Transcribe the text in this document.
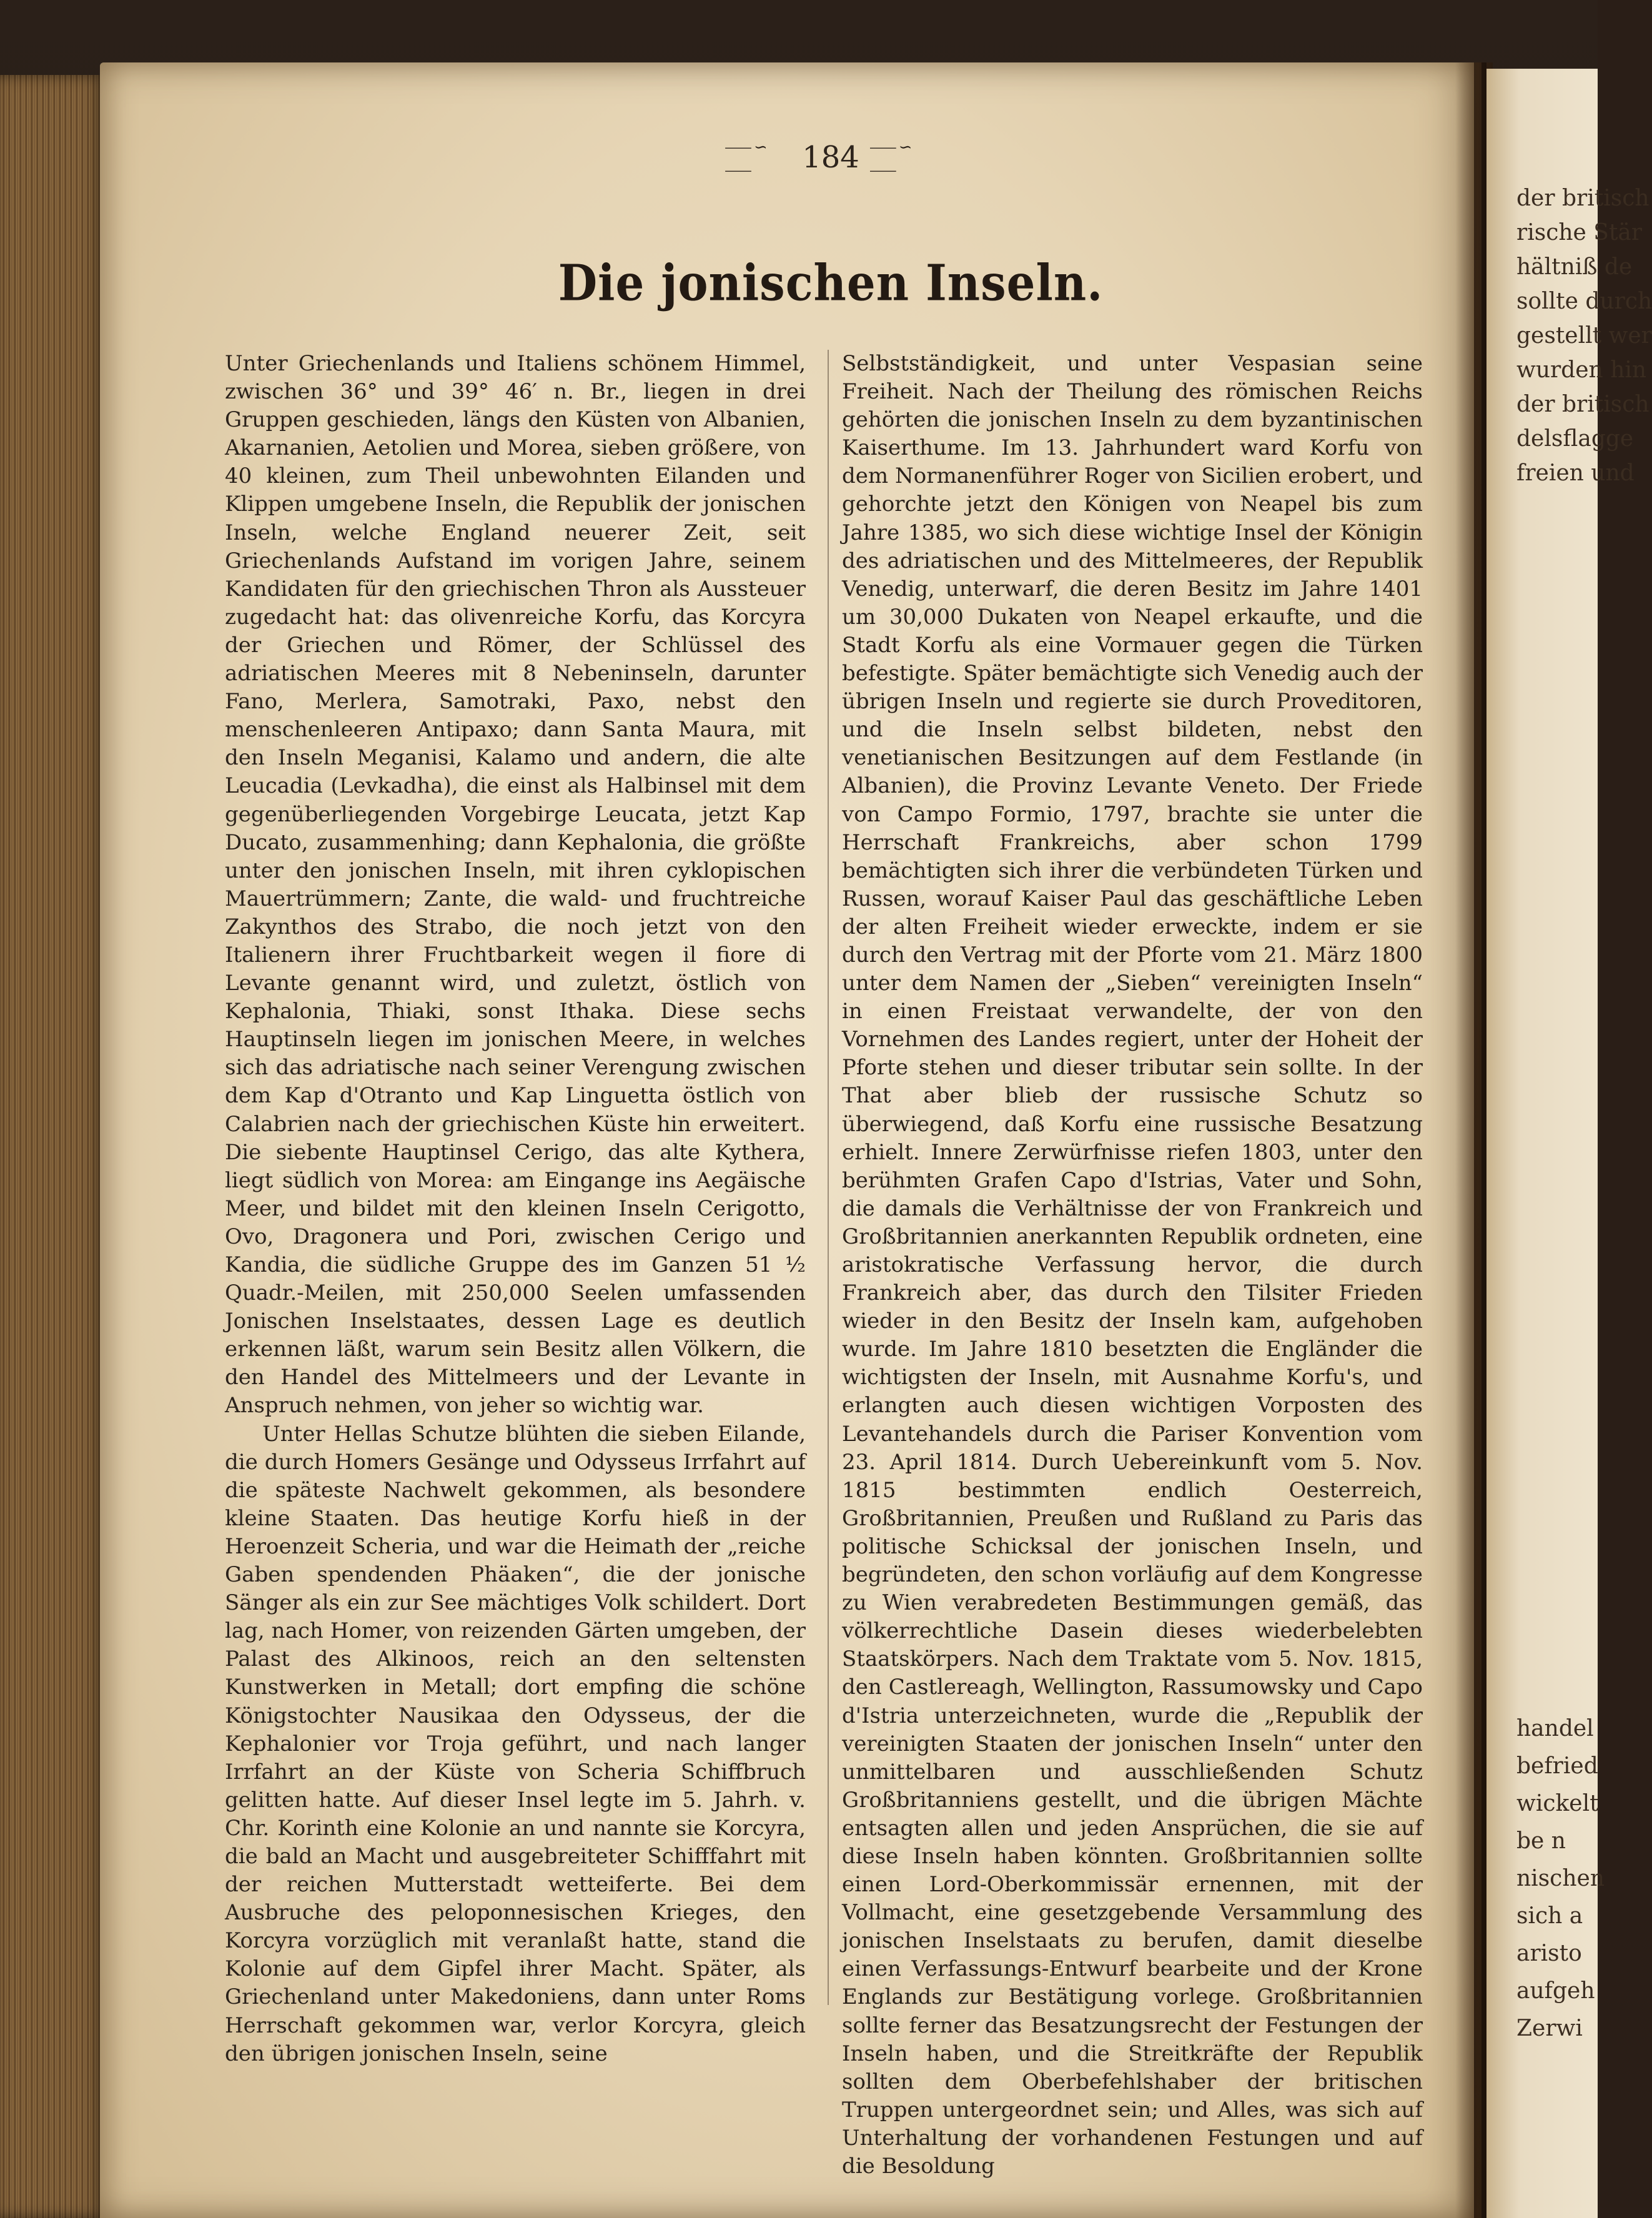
der britisch
rische Stär
hältniß de
sollte durch
gestellt wer
wurden hin
der britisch
delsflagge
freien und
handel
befried
wickelt
be n
nischen
sich a
aristo
aufgeh
Zerwi
⸺∽⸺	184 ⸺∽⸺
Die jonischen Inseln.

Unter Griechenlands und Italiens schönem Himmel, zwischen 36° und 39° 46′ n. Br., liegen in drei Gruppen geschieden, längs den Küsten von Albanien, Akarnanien, Aetolien und Morea, sieben größere, von 40 kleinen, zum Theil unbewohnten Eilanden und Klippen umgebene Inseln, die Republik der jonischen Inseln, welche England neuerer Zeit, seit Griechenlands Aufstand im vorigen Jahre, seinem Kandidaten für den griechischen Thron als Aussteuer zugedacht hat: das olivenreiche Korfu, das Korcyra der Griechen und Römer, der Schlüssel des adriatischen Meeres mit 8 Nebeninseln, darunter Fano, Merlera, Samotraki, Paxo, nebst den menschenleeren Antipaxo; dann Santa Maura, mit den Inseln Meganisi, Kalamo und andern, die alte Leucadia (Levkadha), die einst als Halbinsel mit dem gegenüberliegenden Vorgebirge Leucata, jetzt Kap Ducato, zusammenhing; dann Kephalonia, die größte unter den jonischen Inseln, mit ihren cyklopischen Mauertrümmern; Zante, die wald- und fruchtreiche Zakynthos des Strabo, die noch jetzt von den Italienern ihrer Fruchtbarkeit wegen il fiore di Levante genannt wird, und zuletzt, östlich von Kephalonia, Thiaki, sonst Ithaka. Diese sechs Hauptinseln liegen im jonischen Meere, in welches sich das adriatische nach seiner Verengung zwischen dem Kap d'Otranto und Kap Linguetta östlich von Calabrien nach der griechischen Küste hin erweitert. Die siebente Hauptinsel Cerigo, das alte Kythera, liegt südlich von Morea: am Eingange ins Aegäische Meer, und bildet mit den kleinen Inseln Cerigotto, Ovo, Dragonera und Pori, zwischen Cerigo und Kandia, die südliche Gruppe des im Ganzen 51 ½ Quadr.-Meilen, mit 250,000 Seelen umfassenden Jonischen Inselstaates, dessen Lage es deutlich erkennen läßt, warum sein Besitz allen Völkern, die den Handel des Mittelmeers und der Levante in Anspruch nehmen, von jeher so wichtig war.

Unter Hellas Schutze blühten die sieben Eilande, die durch Homers Gesänge und Odysseus Irrfahrt auf die späteste Nachwelt gekommen, als besondere kleine Staaten. Das heutige Korfu hieß in der Heroenzeit Scheria, und war die Heimath der „reiche Gaben spendenden Phäaken“, die der jonische Sänger als ein zur See mächtiges Volk schildert. Dort lag, nach Homer, von reizenden Gärten umgeben, der Palast des Alkinoos, reich an den seltensten Kunstwerken in Metall; dort empfing die schöne Königstochter Nausikaa den Odysseus, der die Kephalonier vor Troja geführt, und nach langer Irrfahrt an der Küste von Scheria Schiffbruch gelitten hatte. Auf dieser Insel legte im 5. Jahrh. v. Chr. Korinth eine Kolonie an und nannte sie Korcyra, die bald an Macht und ausgebreiteter Schifffahrt mit der reichen Mutterstadt wetteiferte. Bei dem Ausbruche des peloponnesischen Krieges, den Korcyra vorzüglich mit veranlaßt hatte, stand die Kolonie auf dem Gipfel ihrer Macht. Später, als Griechenland unter Makedoniens, dann unter Roms Herrschaft gekommen war, verlor Korcyra, gleich den übrigen jonischen Inseln, seine

Selbstständigkeit, und unter Vespasian seine Freiheit. Nach der Theilung des römischen Reichs gehörten die jonischen Inseln zu dem byzantinischen Kaiserthume. Im 13. Jahrhundert ward Korfu von dem Normanenführer Roger von Sicilien erobert, und gehorchte jetzt den Königen von Neapel bis zum Jahre 1385, wo sich diese wichtige Insel der Königin des adriatischen und des Mittelmeeres, der Republik Venedig, unterwarf, die deren Besitz im Jahre 1401 um 30,000 Dukaten von Neapel erkaufte, und die Stadt Korfu als eine Vormauer gegen die Türken befestigte. Später bemächtigte sich Venedig auch der übrigen Inseln und regierte sie durch Proveditoren, und die Inseln selbst bildeten, nebst den venetianischen Besitzungen auf dem Festlande (in Albanien), die Provinz Levante Veneto. Der Friede von Campo Formio, 1797, brachte sie unter die Herrschaft Frankreichs, aber schon 1799 bemächtigten sich ihrer die verbündeten Türken und Russen, worauf Kaiser Paul das geschäftliche Leben der alten Freiheit wieder erweckte, indem er sie durch den Vertrag mit der Pforte vom 21. März 1800 unter dem Namen der „Sieben“ vereinigten Inseln“ in einen Freistaat verwandelte, der von den Vornehmen des Landes regiert, unter der Hoheit der Pforte stehen und dieser tributar sein sollte. In der That aber blieb der russische Schutz so überwiegend, daß Korfu eine russische Besatzung erhielt. Innere Zerwürfnisse riefen 1803, unter den berühmten Grafen Capo d'Istrias, Vater und Sohn, die damals die Verhältnisse der von Frankreich und Großbritannien anerkannten Republik ordneten, eine aristokratische Verfassung hervor, die durch Frankreich aber, das durch den Tilsiter Frieden wieder in den Besitz der Inseln kam, aufgehoben wurde. Im Jahre 1810 besetzten die Engländer die wichtigsten der Inseln, mit Ausnahme Korfu's, und erlangten auch diesen wichtigen Vorposten des Levantehandels durch die Pariser Konvention vom 23. April 1814. Durch Uebereinkunft vom 5. Nov. 1815 bestimmten endlich Oesterreich, Großbritannien, Preußen und Rußland zu Paris das politische Schicksal der jonischen Inseln, und begründeten, den schon vorläufig auf dem Kongresse zu Wien verabredeten Bestimmungen gemäß, das völkerrechtliche Dasein dieses wiederbelebten Staatskörpers. Nach dem Traktate vom 5. Nov. 1815, den Castlereagh, Wellington, Rassumowsky und Capo d'Istria unterzeichneten, wurde die „Republik der vereinigten Staaten der jonischen Inseln“ unter den unmittelbaren und ausschließenden Schutz Großbritanniens gestellt, und die übrigen Mächte entsagten allen und jeden Ansprüchen, die sie auf diese Inseln haben könnten. Großbritannien sollte einen Lord-Oberkommissär ernennen, mit der Vollmacht, eine gesetzgebende Versammlung des jonischen Inselstaats zu berufen, damit dieselbe einen Verfassungs-Entwurf bearbeite und der Krone Englands zur Bestätigung vorlege. Großbritannien sollte ferner das Besatzungsrecht der Festungen der Inseln haben, und die Streitkräfte der Republik sollten dem Oberbefehlshaber der britischen Truppen untergeordnet sein; und Alles, was sich auf Unterhaltung der vorhandenen Festungen und auf die Besoldung
